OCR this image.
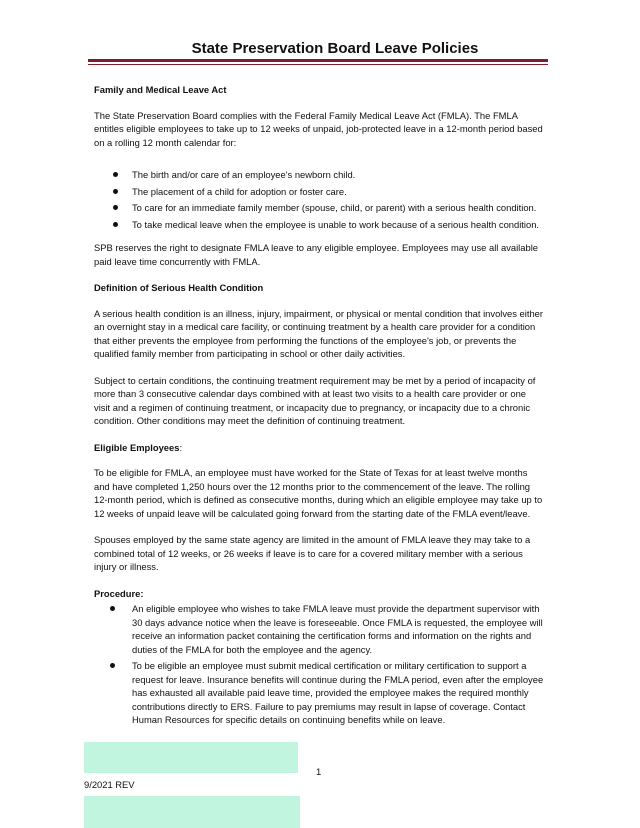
State Preservation Board Leave Policies
Family and Medical Leave Act

The State Preservation Board complies with the Federal Family Medical Leave Act (FMLA). The FMLA entitles eligible employees to take up to 12 weeks of unpaid, job-protected leave in a 12-month period based on a rolling 12 month calendar for:

The birth and/or care of an employee's newborn child.
The placement of a child for adoption or foster care.
To care for an immediate family member (spouse, child, or parent) with a serious health condition.
To take medical leave when the employee is unable to work because of a serious health condition.

SPB reserves the right to designate FMLA leave to any eligible employee. Employees may use all available paid leave time concurrently with FMLA.

Definition of Serious Health Condition

A serious health condition is an illness, injury, impairment, or physical or mental condition that involves either an overnight stay in a medical care facility, or continuing treatment by a health care provider for a condition that either prevents the employee from performing the functions of the employee's job, or prevents the qualified family member from participating in school or other daily activities.

Subject to certain conditions, the continuing treatment requirement may be met by a period of incapacity of more than 3 consecutive calendar days combined with at least two visits to a health care provider or one visit and a regimen of continuing treatment, or incapacity due to pregnancy, or incapacity due to a chronic condition. Other conditions may meet the definition of continuing treatment.

Eligible Employees:

To be eligible for FMLA, an employee must have worked for the State of Texas for at least twelve months and have completed 1,250 hours over the 12 months prior to the commencement of the leave. The rolling 12-month period, which is defined as consecutive months, during which an eligible employee may take up to 12 weeks of unpaid leave will be calculated going forward from the starting date of the FMLA event/leave.

Spouses employed by the same state agency are limited in the amount of FMLA leave they may take to a combined total of 12 weeks, or 26 weeks if leave is to care for a covered military member with a serious injury or illness.

Procedure:
An eligible employee who wishes to take FMLA leave must provide the department supervisor with 30 days advance notice when the leave is foreseeable. Once FMLA is requested, the employee will receive an information packet containing the certification forms and information on the rights and duties of the FMLA for both the employee and the agency.
To be eligible an employee must submit medical certification or military certification to support a request for leave. Insurance benefits will continue during the FMLA period, even after the employee has exhausted all available paid leave time, provided the employee makes the required monthly contributions directly to ERS. Failure to pay premiums may result in lapse of coverage. Contact Human Resources for specific details on continuing benefits while on leave.
1
9/2021 REV
